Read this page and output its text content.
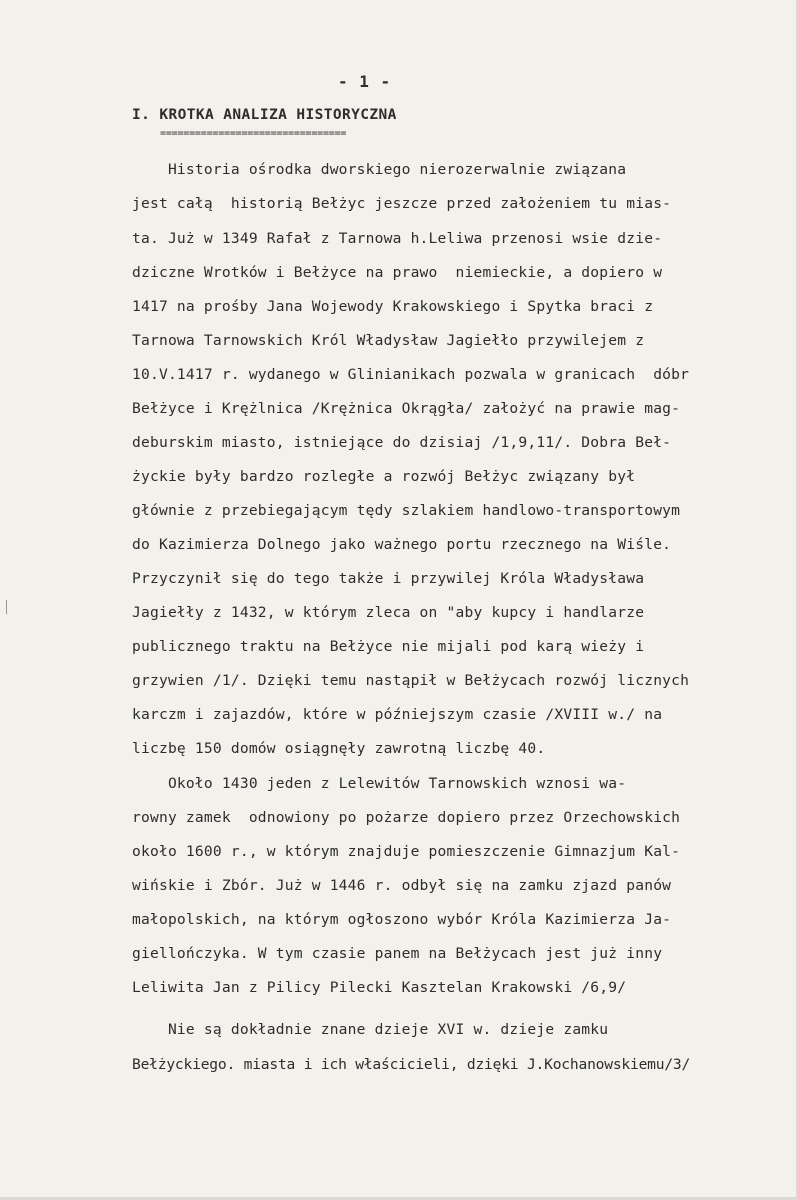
- 1 -
I. KROTKA ANALIZA HISTORYCZNA
================================
Historia ośrodka dworskiego nierozerwalnie związana
jest całą  historią Bełżyc jeszcze przed założeniem tu mias-
ta. Już w 1349 Rafał z Tarnowa h.Leliwa przenosi wsie dzie-
dziczne Wrotków i Bełżyce na prawo  niemieckie, a dopiero w
1417 na prośby Jana Wojewody Krakowskiego i Spytka braci z
Tarnowa Tarnowskich Król Władysław Jagiełło przywilejem z
10.V.1417 r. wydanego w Glinianikach pozwala w granicach  dóbr
Bełżyce i Krężlnica /Krężnica Okrągła/ założyć na prawie mag-
deburskim miasto, istniejące do dzisiaj /1,9,11/. Dobra Beł-
życkie były bardzo rozległe a rozwój Bełżyc związany był
głównie z przebiegającym tędy szlakiem handlowo-transportowym
do Kazimierza Dolnego jako ważnego portu rzecznego na Wiśle.
Przyczynił się do tego także i przywilej Króla Władysława
Jagiełły z 1432, w którym zleca on "aby kupcy i handlarze
publicznego traktu na Bełżyce nie mijali pod karą wieży i
grzywien /1/. Dzięki temu nastąpił w Bełżycach rozwój licznych
karczm i zajazdów, które w późniejszym czasie /XVIII w./ na
liczbę 150 domów osiągnęły zawrotną liczbę 40.
Około 1430 jeden z Lelewitów Tarnowskich wznosi wa-
rowny zamek  odnowiony po pożarze dopiero przez Orzechowskich
około 1600 r., w którym znajduje pomieszczenie Gimnazjum Kal-
wińskie i Zbór. Już w 1446 r. odbył się na zamku zjazd panów
małopolskich, na którym ogłoszono wybór Króla Kazimierza Ja-
giellończyka. W tym czasie panem na Bełżycach jest już inny
Leliwita Jan z Pilicy Pilecki Kasztelan Krakowski /6,9/
Nie są dokładnie znane dzieje XVI w. dzieje zamku
Bełżyckiego. miasta i ich właścicieli, dzięki J.Kochanowskiemu/3/
